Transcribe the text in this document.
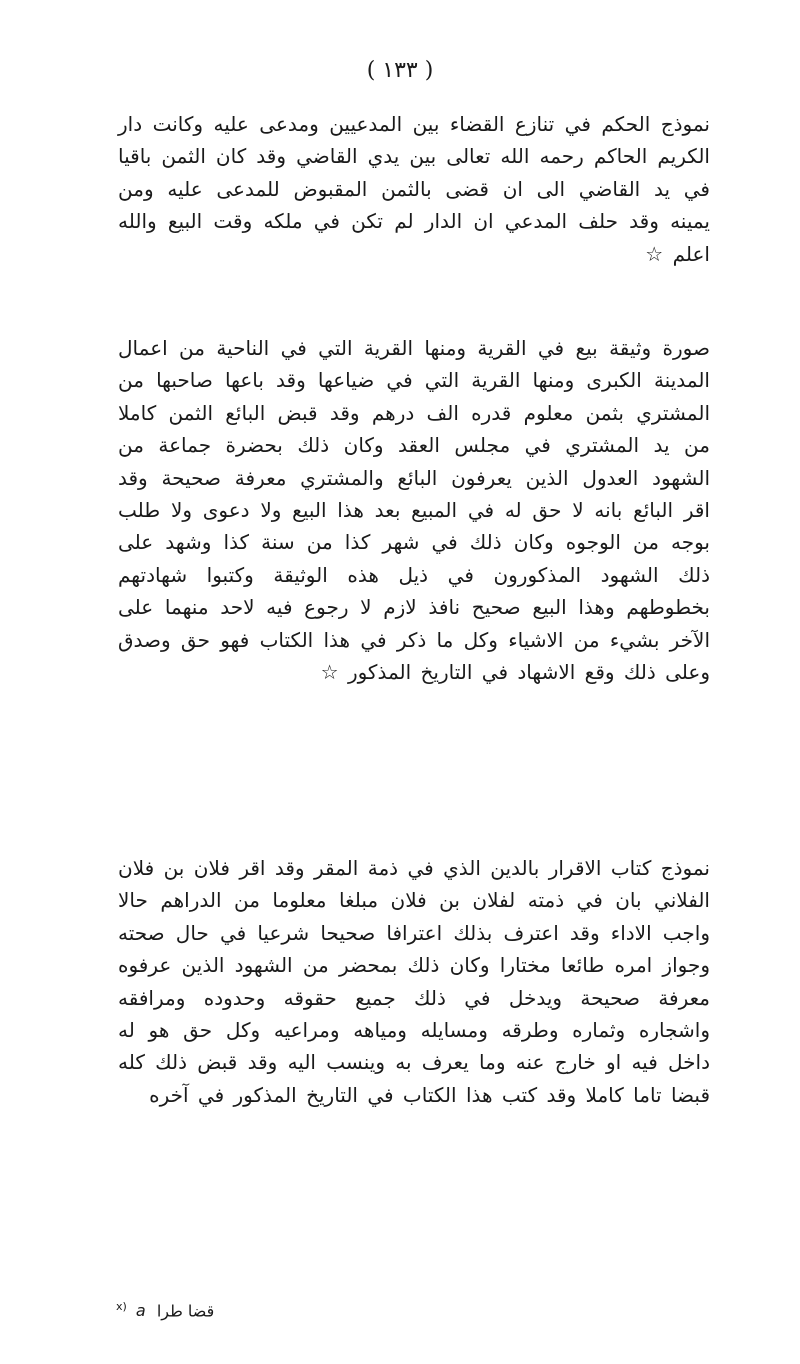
( ۱۳۳ )

نموذج الحكم في تنازع القضاء بين المدعيين ومدعى عليه وكانت دار الكريم الحاكم رحمه الله تعالى بين يدي القاضي وقد كان الثمن باقيا في يد القاضي الى ان قضى بالثمن المقبوض للمدعى عليه ومن يمينه وقد حلف المدعي ان الدار لم تكن في ملكه وقت البيع والله اعلم ☆

صورة وثيقة بيع في القرية ومنها القرية التي في الناحية من اعمال المدينة الكبرى ومنها القرية التي في ضياعها وقد باعها صاحبها من المشتري بثمن معلوم قدره الف درهم وقد قبض البائع الثمن كاملا من يد المشتري في مجلس العقد وكان ذلك بحضرة جماعة من الشهود العدول الذين يعرفون البائع والمشتري معرفة صحيحة وقد اقر البائع بانه لا حق له في المبيع بعد هذا البيع ولا دعوى ولا طلب بوجه من الوجوه وكان ذلك في شهر كذا من سنة كذا وشهد على ذلك الشهود المذكورون في ذيل هذه الوثيقة وكتبوا شهادتهم بخطوطهم وهذا البيع صحيح نافذ لازم لا رجوع فيه لاحد منهما على الآخر بشيء من الاشياء وكل ما ذكر في هذا الكتاب فهو حق وصدق وعلى ذلك وقع الاشهاد في التاريخ المذكور ☆

نموذج كتاب الاقرار بالدين الذي في ذمة المقر وقد اقر فلان بن فلان الفلاني بان في ذمته لفلان بن فلان مبلغا معلوما من الدراهم حالا واجب الاداء وقد اعترف بذلك اعترافا صحيحا شرعيا في حال صحته وجواز امره طائعا مختارا وكان ذلك بمحضر من الشهود الذين عرفوه معرفة صحيحة ويدخل في ذلك جميع حقوقه وحدوده ومرافقه واشجاره وثماره وطرقه ومسايله ومياهه ومراعيه وكل حق هو له داخل فيه او خارج عنه وما يعرف به وينسب اليه وقد قبض ذلك كله قبضا تاما كاملا وقد كتب هذا الكتاب في التاريخ المذكور في آخره

$^{x)}$ a قضا طرا
